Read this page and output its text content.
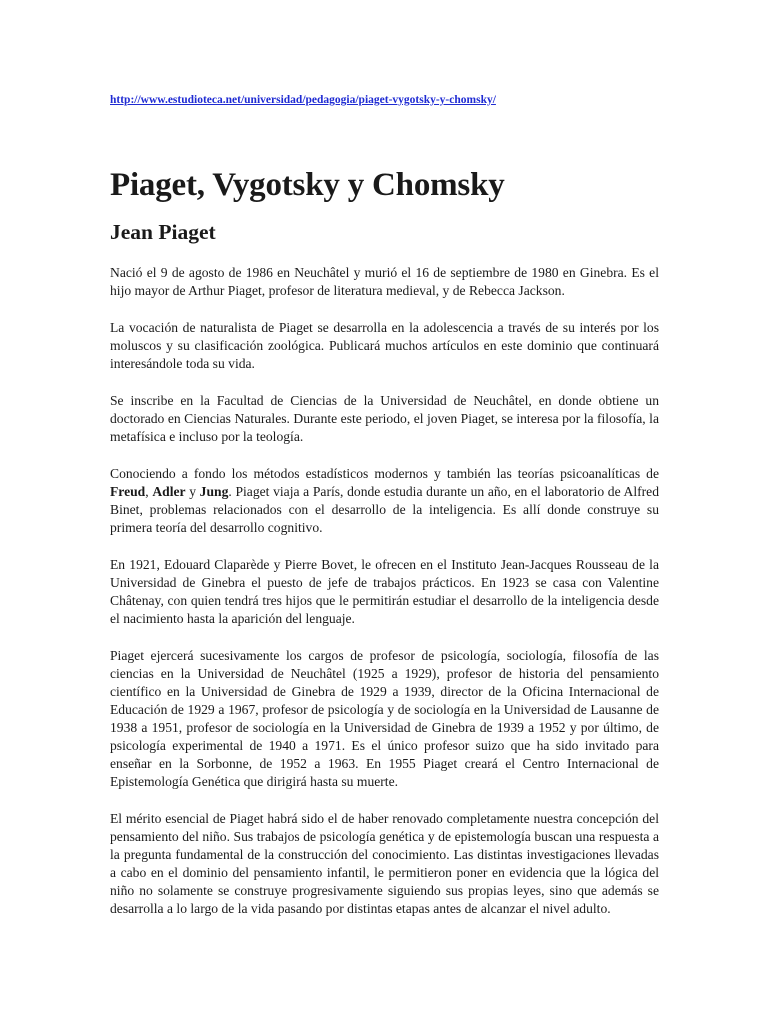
http://www.estudioteca.net/universidad/pedagogia/piaget-vygotsky-y-chomsky/
Piaget, Vygotsky y Chomsky
Jean Piaget

Nació el 9 de agosto de 1986 en Neuchâtel y murió el 16 de septiembre de 1980 en Ginebra. Es el hijo mayor de Arthur Piaget, profesor de literatura medieval, y de Rebecca Jackson.

La vocación de naturalista de Piaget se desarrolla en la adolescencia a través de su interés por los moluscos y su clasificación zoológica. Publicará muchos artículos en este dominio que continuará interesándole toda su vida.

Se inscribe en la Facultad de Ciencias de la Universidad de Neuchâtel, en donde obtiene un doctorado en Ciencias Naturales. Durante este periodo, el joven Piaget, se interesa por la filosofía, la metafísica e incluso por la teología.

Conociendo a fondo los métodos estadísticos modernos y también las teorías psicoanalíticas de Freud, Adler y Jung. Piaget viaja a París, donde estudia durante un año, en el laboratorio de Alfred Binet, problemas relacionados con el desarrollo de la inteligencia. Es allí donde construye su primera teoría del desarrollo cognitivo.

En 1921, Edouard Claparède y Pierre Bovet, le ofrecen en el Instituto Jean-Jacques Rousseau de la Universidad de Ginebra el puesto de jefe de trabajos prácticos. En 1923 se casa con Valentine Châtenay, con quien tendrá tres hijos que le permitirán estudiar el desarrollo de la inteligencia desde el nacimiento hasta la aparición del lenguaje.

Piaget ejercerá sucesivamente los cargos de profesor de psicología, sociología, filosofía de las ciencias en la Universidad de Neuchâtel (1925 a 1929), profesor de historia del pensamiento científico en la Universidad de Ginebra de 1929 a 1939, director de la Oficina Internacional de Educación de 1929 a 1967, profesor de psicología y de sociología en la Universidad de Lausanne de 1938 a 1951, profesor de sociología en la Universidad de Ginebra de 1939 a 1952 y por último, de psicología experimental de 1940 a 1971. Es el único profesor suizo que ha sido invitado para enseñar en la Sorbonne, de 1952 a 1963. En 1955 Piaget creará el Centro Internacional de Epistemología Genética que dirigirá hasta su muerte.

El mérito esencial de Piaget habrá sido el de haber renovado completamente nuestra concepción del pensamiento del niño. Sus trabajos de psicología genética y de epistemología buscan una respuesta a la pregunta fundamental de la construcción del conocimiento. Las distintas investigaciones llevadas a cabo en el dominio del pensamiento infantil, le permitieron poner en evidencia que la lógica del niño no solamente se construye progresivamente siguiendo sus propias leyes, sino que además se desarrolla a lo largo de la vida pasando por distintas etapas antes de alcanzar el nivel adulto.
